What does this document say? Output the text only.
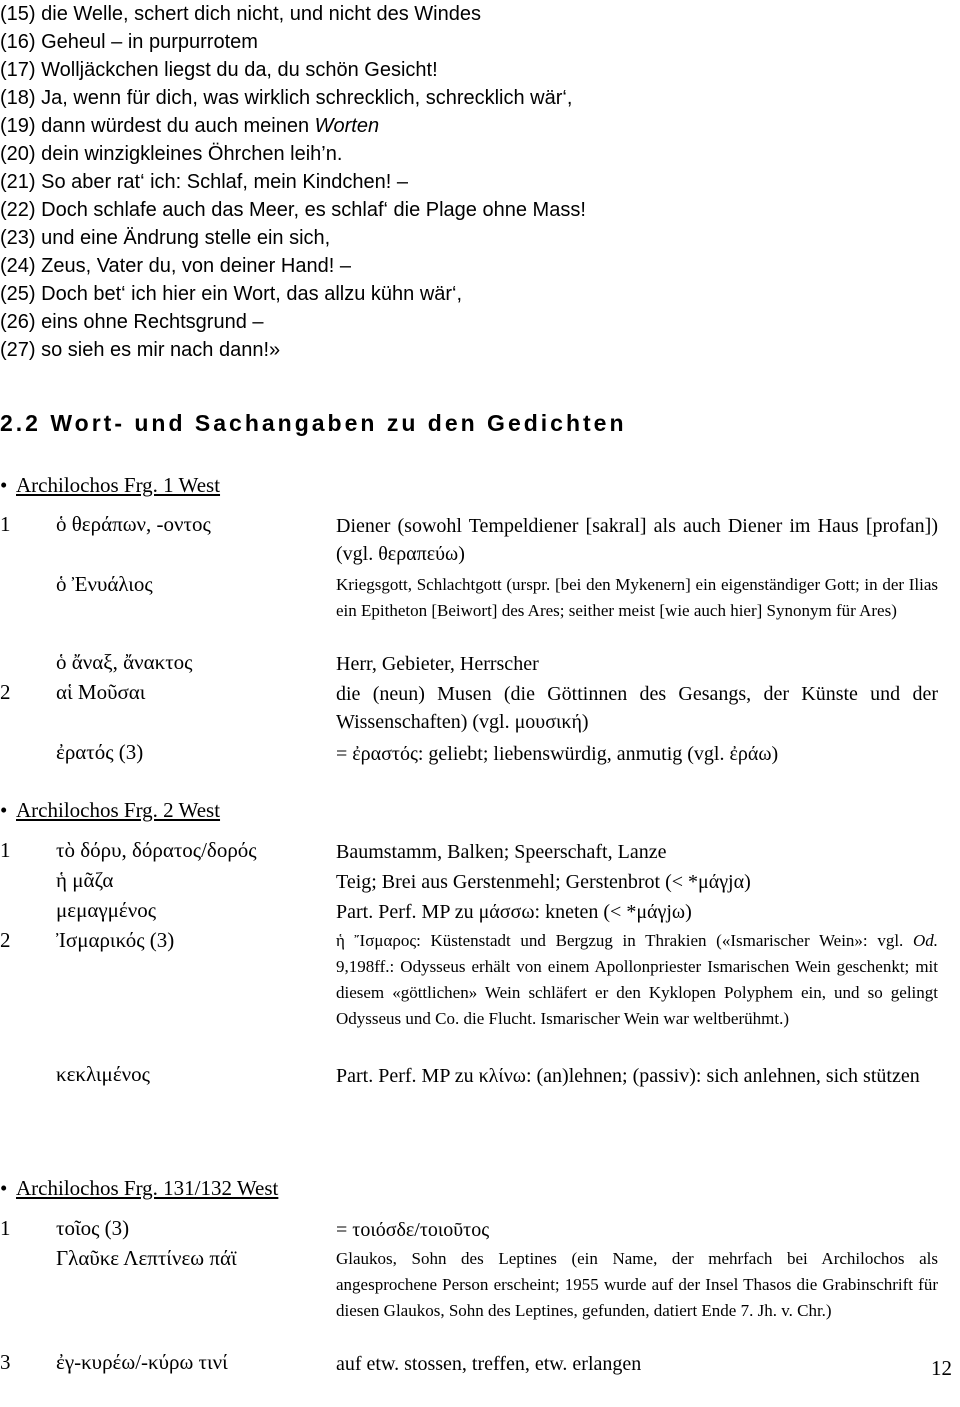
(15) die Welle, schert dich nicht, und nicht des Windes
(16) Geheul – in purpurrotem
(17) Wolljäckchen liegst du da, du schön Gesicht!
(18) Ja, wenn für dich, was wirklich schrecklich, schrecklich wär‘,
(19) dann würdest du auch meinen Worten
(20) dein winzigkleines Öhrchen leih’n.
(21) So aber rat‘ ich: Schlaf, mein Kindchen! –
(22) Doch schlafe auch das Meer, es schlaf‘ die Plage ohne Mass!
(23) und eine Ändrung stelle ein sich,
(24) Zeus, Vater du, von deiner Hand! –
(25) Doch bet‘ ich hier ein Wort, das allzu kühn wär‘,
(26) eins ohne Rechtsgrund –
(27) so sieh es mir nach dann!»
2.2 Wort- und Sachangaben zu den Gedichten
• Archilochos Frg. 1 West
1	ὁ θεράπων, -οντος	Diener (sowohl Tempeldiener [sakral] als auch Diener im Haus [profan]) (vgl. θεραπεύω)
ὁ Ἐνυάλιος	Kriegsgott, Schlachtgott (urspr. [bei den Mykenern] ein eigenständiger Gott; in der Ilias ein Epitheton [Beiwort] des Ares; seither meist [wie auch hier] Synonym für Ares)
ὁ ἄναξ, ἄνακτος	Herr, Gebieter, Herrscher
2	αἱ Μοῦσαι	die (neun) Musen (die Göttinnen des Gesangs, der Künste und der Wissenschaften) (vgl. μουσική)
ἐρατός (3)	= ἐραστός: geliebt; liebenswürdig, anmutig (vgl. ἐράω)
• Archilochos Frg. 2 West
1	τὸ δόρυ, δόρατος/δορός	Baumstamm, Balken; Speerschaft, Lanze
ἡ μᾶζα	Teig; Brei aus Gerstenmehl; Gerstenbrot (< *μάγjα)
μεμαγμένος	Part. Perf. MP zu μάσσω: kneten (< *μάγjω)
2	Ἰσμαρικός (3)	ἡ Ἴσμαρος: Küstenstadt und Bergzug in Thrakien («Ismarischer Wein»: vgl. Od. 9,198ff.: Odysseus erhält von einem Apollonpriester Ismarischen Wein geschenkt; mit diesem «göttlichen» Wein schläfert er den Kyklopen Polyphem ein, und so gelingt Odysseus und Co. die Flucht. Ismarischer Wein war weltberühmt.)
κεκλιμένος	Part. Perf. MP zu κλίνω: (an)lehnen; (passiv): sich anlehnen, sich stützen
• Archilochos Frg. 131/132 West
1	τοῖος (3)	= τοιόσδε/τοιοῦτος
Γλαῦκε Λεπτίνεω πάϊ	Glaukos, Sohn des Leptines (ein Name, der mehrfach bei Archilochos als angesprochene Person erscheint; 1955 wurde auf der Insel Thasos die Grabinschrift für diesen Glaukos, Sohn des Leptines, gefunden, datiert Ende 7. Jh. v. Chr.)
3	ἐγ-κυρέω/-κύρω τινί	auf etw. stossen, treffen, etw. erlangen	12
